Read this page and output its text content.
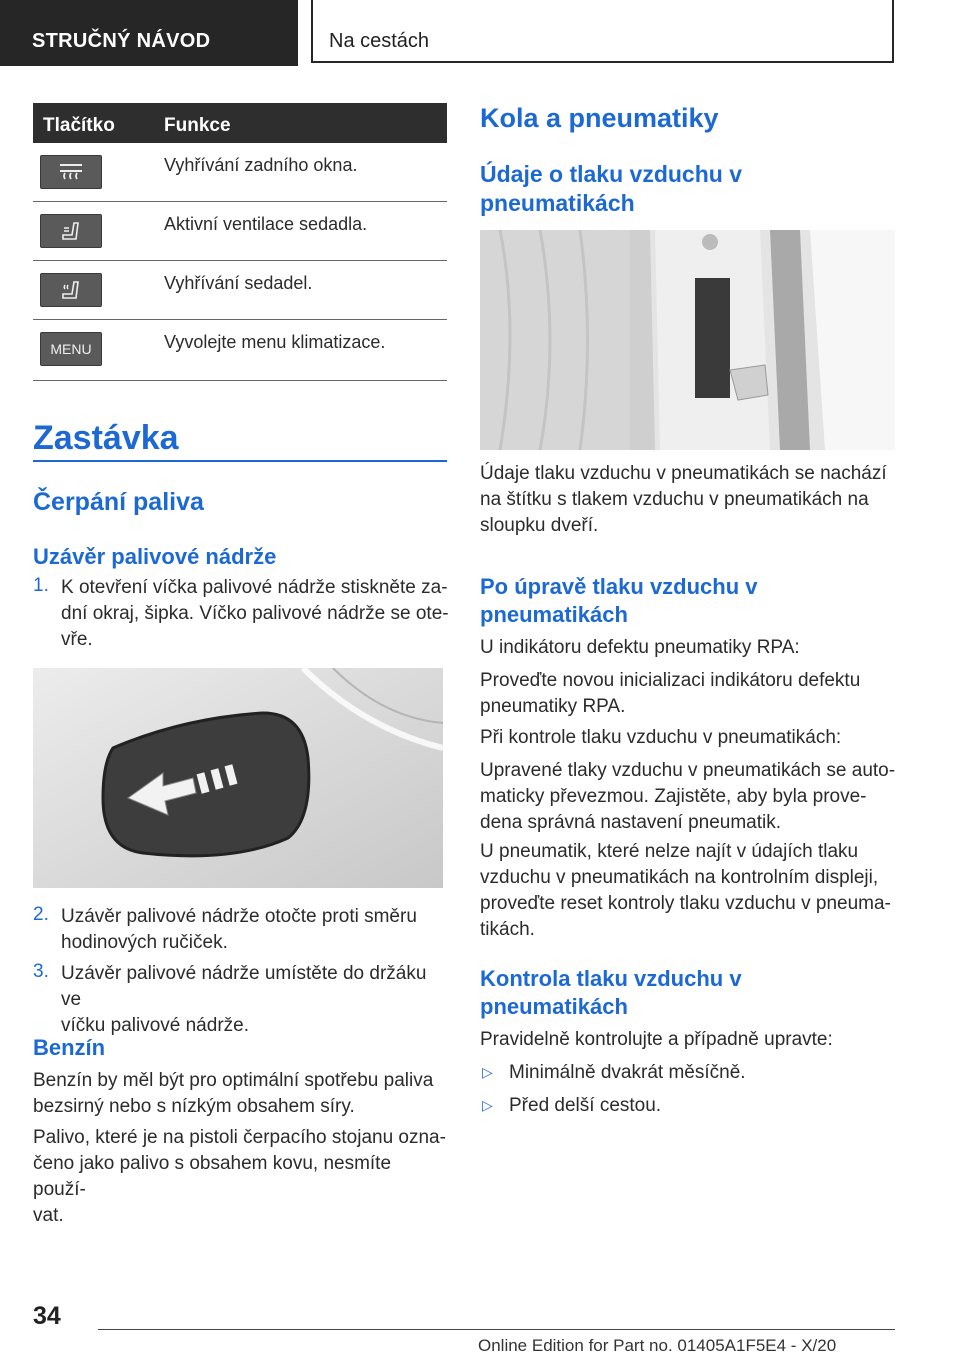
STRUČNÝ NÁVOD	Na cestách
Tlačítko	Funkce
Vyhřívání zadního okna.
Aktivní ventilace sedadla.
Vyhřívání sedadel.
MENU	Vyvolejte menu klimatizace.
Zastávka
Čerpání paliva
Uzávěr palivové nádrže
1. K otevření víčka palivové nádrže stiskněte za-
dní okraj, šipka. Víčko palivové nádrže se ote-
vře.
2. Uzávěr palivové nádrže otočte proti směru
hodinových ručiček.
3. Uzávěr palivové nádrže umístěte do držáku ve
víčku palivové nádrže.
Benzín
Benzín by měl být pro optimální spotřebu paliva
bezsirný nebo s nízkým obsahem síry.
Palivo, které je na pistoli čerpacího stojanu ozna-
čeno jako palivo s obsahem kovu, nesmíte použí-
vat.
Kola a pneumatiky
Údaje o tlaku vzduchu v
pneumatikách
Údaje tlaku vzduchu v pneumatikách se nachází
na štítku s tlakem vzduchu v pneumatikách na
sloupku dveří.
Po úpravě tlaku vzduchu v
pneumatikách
U indikátoru defektu pneumatiky RPA:
Proveďte novou inicializaci indikátoru defektu
pneumatiky RPA.
Při kontrole tlaku vzduchu v pneumatikách:
Upravené tlaky vzduchu v pneumatikách se auto-
maticky převezmou. Zajistěte, aby byla prove-
dena správná nastavení pneumatik.
U pneumatik, které nelze najít v údajích tlaku
vzduchu v pneumatikách na kontrolním displeji,
proveďte reset kontroly tlaku vzduchu v pneuma-
tikách.
Kontrola tlaku vzduchu v
pneumatikách
Pravidelně kontrolujte a případně upravte:
▷ Minimálně dvakrát měsíčně.
▷ Před delší cestou.
34
Online Edition for Part no. 01405A1F5E4 - X/20
